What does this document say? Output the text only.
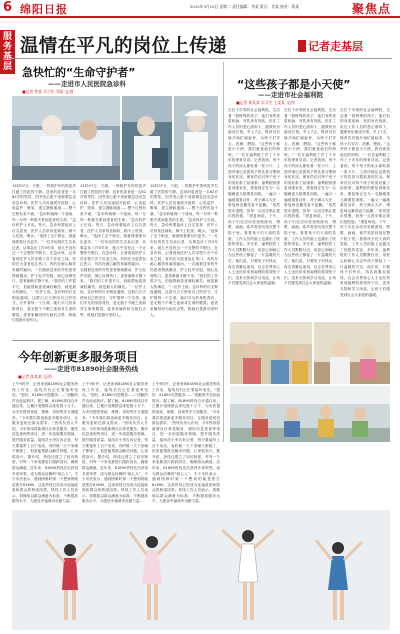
6 绵阳日报	2015年3月10日 星期二 责任编辑：李某 版式：肖某 校对：蒋某	聚焦点
服务基层
温情在平凡的岗位上传递	记者走基层
急快忙的“生命守护者”
——走进市人民医院急诊科
■记者 曾某 实习生 刘某 文/图
15时07分，天明，一阵救护车的鸣笛声打破了医院的宁静。送来的患者是一名62岁的男性，因突发心脏不适被紧急送至急诊科。医护人员迅速展开抢救：心电监护、吸氧、建立静脉通道……整个过程有条不紊。“急诊科就像一个战场，每一分每一秒都关系到患者的生命。”急诊科护士长说。每天，急诊科要接诊上百名患者，医护人员常常连轴转，顾不上吃饭、喝水。“选择了这个职业，就意味着要付出更多。”一位年轻的医生告诉记者，从事急诊工作5年来，她几乎没有过一个完整的节假日。在急诊科，记者看到医护人员穿梭于各个诊室之间，有的在为患者包扎伤口，有的在耐心解答家属的疑问。一名刚被送来的外伤患者情绪激动，护士轻声安慰，细心处理伤口，患者渐渐平静下来。“我们的工作很平凡，但能帮助患者减轻痛苦，就是最大的满足。”一位护士说。急诊科的灯光彻夜通明，这群白衣天使用自己的坚守，守护着每一个生命。她们平凡的身影背后，是无数个不眠之夜和对生命的敬畏。患者家属纷纷为她们点赞，称她们是最可爱的人。
15时07分，天明，一阵救护车的鸣笛声打破了医院的宁静。送来的患者是一名62岁的男性，因突发心脏不适被紧急送至急诊科。医护人员迅速展开抢救：心电监护、吸氧、建立静脉通道……整个过程有条不紊。“急诊科就像一个战场，每一分每一秒都关系到患者的生命。”急诊科护士长说。每天，急诊科要接诊上百名患者，医护人员常常连轴转，顾不上吃饭、喝水。“选择了这个职业，就意味着要付出更多。”一位年轻的医生告诉记者，从事急诊工作5年来，她几乎没有过一个完整的节假日。在急诊科，记者看到医护人员穿梭于各个诊室之间，有的在为患者包扎伤口，有的在耐心解答家属的疑问。一名刚被送来的外伤患者情绪激动，护士轻声安慰，细心处理伤口，患者渐渐平静下来。“我们的工作很平凡，但能帮助患者减轻痛苦，就是最大的满足。”一位护士说。急诊科的灯光彻夜通明，这群白衣天使用自己的坚守，守护着每一个生命。她们平凡的身影背后，是无数个不眠之夜和对生命的敬畏。患者家属纷纷为她们点赞，称她们是最可爱的人。
15时07分，天明，一阵救护车的鸣笛声打破了医院的宁静。送来的患者是一名62岁的男性，因突发心脏不适被紧急送至急诊科。医护人员迅速展开抢救：心电监护、吸氧、建立静脉通道……整个过程有条不紊。“急诊科就像一个战场，每一分每一秒都关系到患者的生命。”急诊科护士长说。每天，急诊科要接诊上百名患者，医护人员常常连轴转，顾不上吃饭、喝水。“选择了这个职业，就意味着要付出更多。”一位年轻的医生告诉记者，从事急诊工作5年来，她几乎没有过一个完整的节假日。在急诊科，记者看到医护人员穿梭于各个诊室之间，有的在为患者包扎伤口，有的在耐心解答家属的疑问。一名刚被送来的外伤患者情绪激动，护士轻声安慰，细心处理伤口，患者渐渐平静下来。“我们的工作很平凡，但能帮助患者减轻痛苦，就是最大的满足。”一位护士说。急诊科的灯光彻夜通明，这群白衣天使用自己的坚守，守护着每一个生命。她们平凡的身影背后，是无数个不眠之夜和对生命的敬畏。患者家属纷纷为她们点赞，称她们是最可爱的人。
“这些孩子都是小天使”
——走进市社会福利院
■记者 黄某某 实习生 王某某 文/图
在位于市郊的社会福利院，生活着一群特殊的孩子。他们有的身患疾病，有的身有残疾，但在工作人员的悉心照料下，健康快乐地成长着。早上7点，保育员们就开始忙碌起来，为孩子们穿衣、洗漱、喂饭。“这些孩子都是小天使，我们就是他们的妈妈。”一位在福利院工作了十多年的保育员说。记者看到，每个孩子的床头都贴着一张卡片，上面详细记录着孩子的饮食习惯和身体状况。保育员们对每个孩子的喜好都了如指掌。福利院的康复训练室里，康复师正在为一名脑瘫患儿做康复训练。一遍又一遍地重复动作，孩子满头大汗，康复师也累得直不起腰。“虽然进步很慢，但每一点进步都让我们很欣慰。”康复师说。下午，孩子们在活动室里做游戏、唱歌、画画，欢声笑语回荡在整个院子里。看着孩子们天真的笑脸，工作人员的脸上也露出了欣慰的笑容。多年来，福利院的工作人员默默付出，用爱心和耐心为这些孩子撑起了一片温暖的天空。他们说，只要孩子们快乐，再苦再累也值得。社会各界爱心人士也经常来到福利院看望孩子们，送来衣物和学习用品，让孩子们感受到社会大家庭的温暖。
在位于市郊的社会福利院，生活着一群特殊的孩子。他们有的身患疾病，有的身有残疾，但在工作人员的悉心照料下，健康快乐地成长着。早上7点，保育员们就开始忙碌起来，为孩子们穿衣、洗漱、喂饭。“这些孩子都是小天使，我们就是他们的妈妈。”一位在福利院工作了十多年的保育员说。记者看到，每个孩子的床头都贴着一张卡片，上面详细记录着孩子的饮食习惯和身体状况。保育员们对每个孩子的喜好都了如指掌。福利院的康复训练室里，康复师正在为一名脑瘫患儿做康复训练。一遍又一遍地重复动作，孩子满头大汗，康复师也累得直不起腰。“虽然进步很慢，但每一点进步都让我们很欣慰。”康复师说。下午，孩子们在活动室里做游戏、唱歌、画画，欢声笑语回荡在整个院子里。看着孩子们天真的笑脸，工作人员的脸上也露出了欣慰的笑容。多年来，福利院的工作人员默默付出，用爱心和耐心为这些孩子撑起了一片温暖的天空。他们说，只要孩子们快乐，再苦再累也值得。社会各界爱心人士也经常来到福利院看望孩子们，送来衣物和学习用品，让孩子们感受到社会大家庭的温暖。
在位于市郊的社会福利院，生活着一群特殊的孩子。他们有的身患疾病，有的身有残疾，但在工作人员的悉心照料下，健康快乐地成长着。早上7点，保育员们就开始忙碌起来，为孩子们穿衣、洗漱、喂饭。“这些孩子都是小天使，我们就是他们的妈妈。”一位在福利院工作了十多年的保育员说。记者看到，每个孩子的床头都贴着一张卡片，上面详细记录着孩子的饮食习惯和身体状况。保育员们对每个孩子的喜好都了如指掌。福利院的康复训练室里，康复师正在为一名脑瘫患儿做康复训练。一遍又一遍地重复动作，孩子满头大汗，康复师也累得直不起腰。“虽然进步很慢，但每一点进步都让我们很欣慰。”康复师说。下午，孩子们在活动室里做游戏、唱歌、画画，欢声笑语回荡在整个院子里。看着孩子们天真的笑脸，工作人员的脸上也露出了欣慰的笑容。多年来，福利院的工作人员默默付出，用爱心和耐心为这些孩子撑起了一片温暖的天空。他们说，只要孩子们快乐，再苦再累也值得。社会各界爱心人士也经常来到福利院看望孩子们，送来衣物和学习用品，让孩子们感受到社会大家庭的温暖。
今年创新更多服务项目
——走进市81890社会服务热线
■记者 陈某某 文/图
上午9时许，记者来到81890社会服务热线工作室，接线员们正忙着接听电话。“您好，81890为您服务……”清脆的声音此起彼伏。据了解，81890热线自开通以来，已累计受理群众来电数十万个，为市民提供家政、维修、咨询等多方面服务。“今年我们将创新更多服务项目，让服务更贴近群众需求。”热线负责人介绍，今年热线将新增社区养老服务、便民信息查询等项目，进一步拓展服务领域，提升服务质量。接线员小李告诉记者，每天要接听上百个电话，有时候一天下来嗓子都哑了，但是能帮群众解决问题，心里很高兴。据介绍，热线还建立了回访制度，对每一个来电都进行跟踪回访，确保群众满意。近年来，81890热线先后获得多项荣誉，成为群众信赖的“贴心人”。不少市民表示，遇到困难时第一个想到的就是拨打81890，这条热线已经成为连接政府和群众的桥梁纽带。热线工作人员表示，将继续以群众满意为标准，不断提高服务水平，为建设幸福城市贡献力量。
上午9时许，记者来到81890社会服务热线工作室，接线员们正忙着接听电话。“您好，81890为您服务……”清脆的声音此起彼伏。据了解，81890热线自开通以来，已累计受理群众来电数十万个，为市民提供家政、维修、咨询等多方面服务。“今年我们将创新更多服务项目，让服务更贴近群众需求。”热线负责人介绍，今年热线将新增社区养老服务、便民信息查询等项目，进一步拓展服务领域，提升服务质量。接线员小李告诉记者，每天要接听上百个电话，有时候一天下来嗓子都哑了，但是能帮群众解决问题，心里很高兴。据介绍，热线还建立了回访制度，对每一个来电都进行跟踪回访，确保群众满意。近年来，81890热线先后获得多项荣誉，成为群众信赖的“贴心人”。不少市民表示，遇到困难时第一个想到的就是拨打81890，这条热线已经成为连接政府和群众的桥梁纽带。热线工作人员表示，将继续以群众满意为标准，不断提高服务水平，为建设幸福城市贡献力量。
上午9时许，记者来到81890社会服务热线工作室，接线员们正忙着接听电话。“您好，81890为您服务……”清脆的声音此起彼伏。据了解，81890热线自开通以来，已累计受理群众来电数十万个，为市民提供家政、维修、咨询等多方面服务。“今年我们将创新更多服务项目，让服务更贴近群众需求。”热线负责人介绍，今年热线将新增社区养老服务、便民信息查询等项目，进一步拓展服务领域，提升服务质量。接线员小李告诉记者，每天要接听上百个电话，有时候一天下来嗓子都哑了，但是能帮群众解决问题，心里很高兴。据介绍，热线还建立了回访制度，对每一个来电都进行跟踪回访，确保群众满意。近年来，81890热线先后获得多项荣誉，成为群众信赖的“贴心人”。不少市民表示，遇到困难时第一个想到的就是拨打81890，这条热线已经成为连接政府和群众的桥梁纽带。热线工作人员表示，将继续以群众满意为标准，不断提高服务水平，为建设幸福城市贡献力量。
